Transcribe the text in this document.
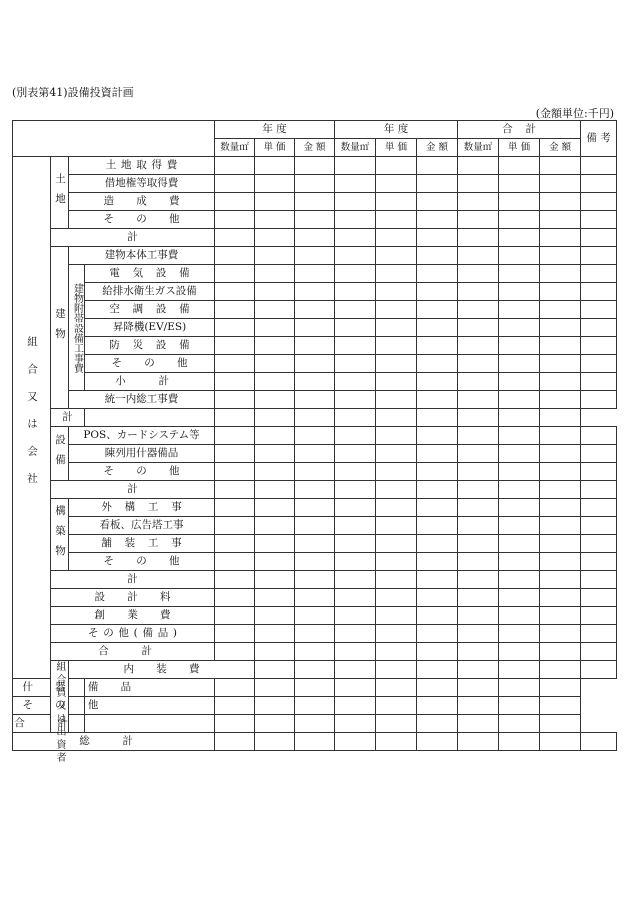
(別表第41)設備投資計画
(金額単位:千円)
				年 度			年 度			合 計			備 考	
				数量㎡	単 価	金 額	数量㎡	単 価	金 額	数量㎡	単 価	金 額		
組合又は会社	土地	土地取得費												
		借地権等取得費												
		造 成 費												
		そ の 他												
	計													
	建物	建物本体工事費												
		建物附帯設備工事費	電 気 設 備											
			給排水衛生ガス設備											
			空 調 設 備											
			昇降機(EV/ES)											
			防 災 設 備											
			そ の 他											
			小 計											
		統一内総工事費												
	計													
	設備	POS、カードシステム等												
		陳列用什器備品												
		そ の 他												
	計													
	構築物	外 構 工 事												
		看板、広告塔工事												
		舗 装 工 事												
		そ の 他												
	計													
	設 計 料													
	創 業 費													
	その他(備品)													
	合 計													
	組合員又は出資者	内 装 費												
什 器 備 品														
そ の 他														
合 計														
総 計														
